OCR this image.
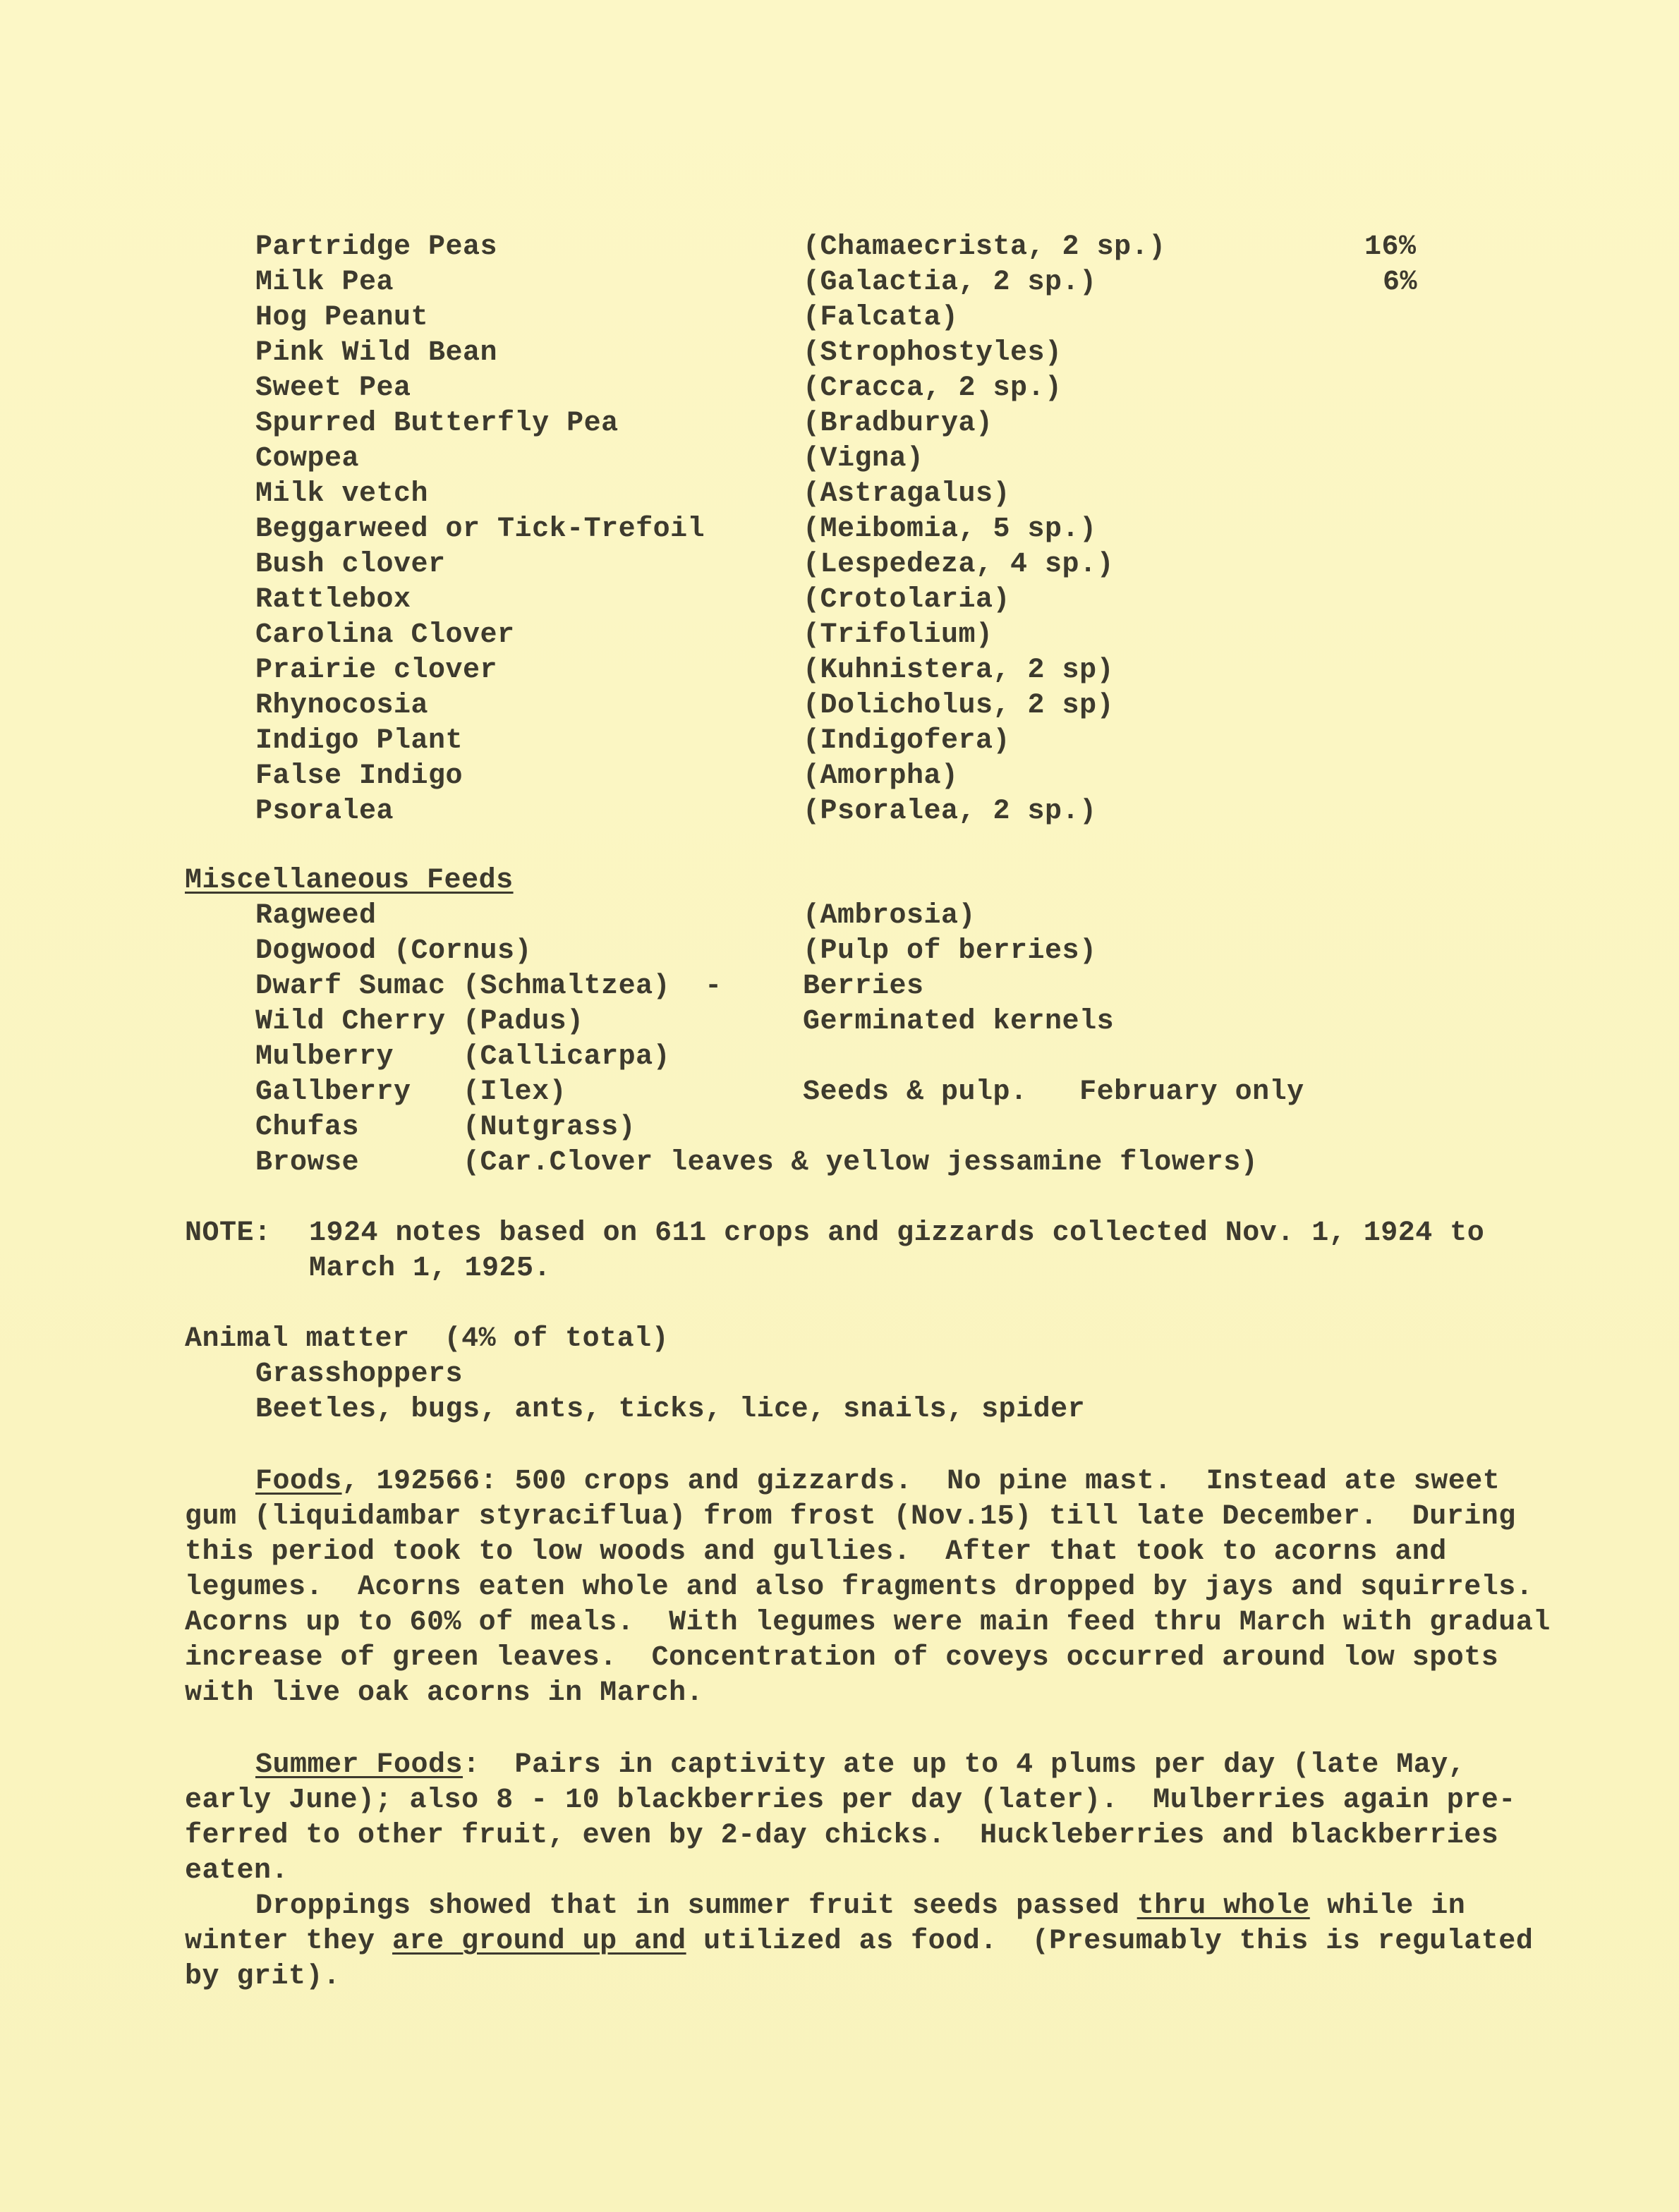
Partridge Peas	(Chamaecrista, 2 sp.)	16%
Milk Pea	(Galactia, 2 sp.)	6%
Hog Peanut	(Falcata)
Pink Wild Bean	(Strophostyles)
Sweet Pea	(Cracca, 2 sp.)
Spurred Butterfly Pea	(Bradburya)
Cowpea	(Vigna)
Milk vetch	(Astragalus)
Beggarweed or Tick-Trefoil	(Meibomia, 5 sp.)
Bush clover	(Lespedeza, 4 sp.)
Rattlebox	(Crotolaria)
Carolina Clover	(Trifolium)
Prairie clover	(Kuhnistera, 2 sp)
Rhynocosia	(Dolicholus, 2 sp)
Indigo Plant	(Indigofera)
False Indigo	(Amorpha)
Psoralea	(Psoralea, 2 sp.)
Miscellaneous Feeds
Ragweed	(Ambrosia)
Dogwood (Cornus)	(Pulp of berries)
Dwarf Sumac (Schmaltzea)  -	Berries
Wild Cherry (Padus)	Germinated kernels
Mulberry    (Callicarpa)
Gallberry   (Ilex)	Seeds & pulp.   February only
Chufas      (Nutgrass)
Browse      (Car.Clover leaves & yellow jessamine flowers)
NOTE: 1924 notes based on 611 crops and gizzards collected Nov. 1, 1924 to
March 1, 1925.
Animal matter  (4% of total)
Grasshoppers
Beetles, bugs, ants, ticks, lice, snails, spider
Foods, 192566: 500 crops and gizzards.  No pine mast.  Instead ate sweet
gum (liquidambar styraciflua) from frost (Nov.15) till late December.  During
this period took to low woods and gullies.  After that took to acorns and
legumes.  Acorns eaten whole and also fragments dropped by jays and squirrels.
Acorns up to 60% of meals.  With legumes were main feed thru March with gradual
increase of green leaves.  Concentration of coveys occurred around low spots
with live oak acorns in March.
Summer Foods:  Pairs in captivity ate up to 4 plums per day (late May,
early June); also 8 - 10 blackberries per day (later).  Mulberries again pre-
ferred to other fruit, even by 2-day chicks.  Huckleberries and blackberries
eaten.
Droppings showed that in summer fruit seeds passed thru whole while in
winter they are ground up and utilized as food.  (Presumably this is regulated
by grit).
